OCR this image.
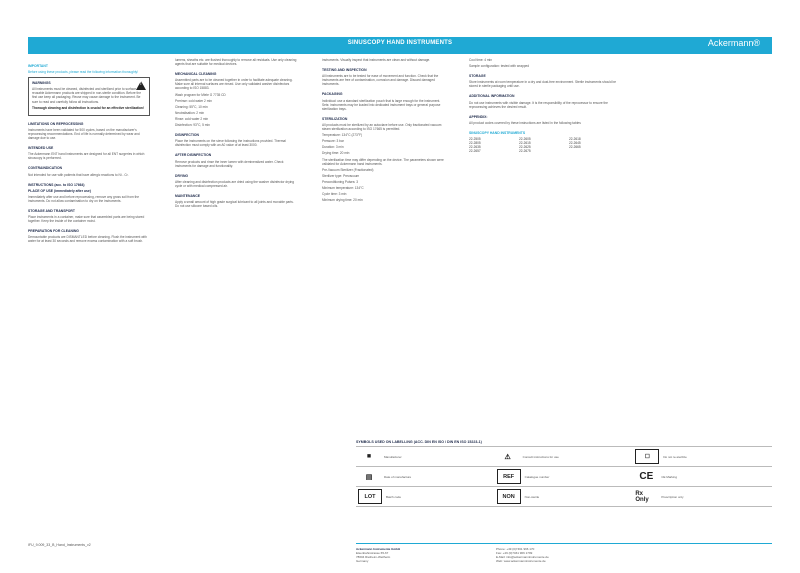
SINUSCOPY HAND INSTRUMENTS	Ackermann®
IMPORTANT

Before using these products, please read the following information thoroughly!

!
WARNINGS

All instruments must be cleaned, disinfected and sterilized prior to surface. All reusable Ackermann products are shipped in non-sterile condition. Before the first use keep all packaging. Reuse may cause damage to the instrument. Be sure to read and carefully follow all instructions.

Thorough cleaning and disinfection is crucial for an effective sterilization!

LIMITATIONS ON REPROCESSING

Instruments have been validated for 500 cycles, based on the manufacturer's reprocessing recommendations. End of life is normally determined by wear and damage due to use.

INTENDED USE

The Ackermann ENT hand instruments are designed for all ENT surgeries in which sinuscopy is performed.

CONTRAINDICATION

Not intended for use with patients that have allergic reactions to Ni - Cr.

INSTRUCTIONS (acc. to ISO 17664)
PLACE OF USE (immediately after use)

Immediately after use and before reprocessing, remove any gross soil from the instruments. Do not allow contamination to dry on the instruments.

STORAGE AND TRANSPORT

Place instruments in a container, make sure that assembled parts are being stored together. Keep the inside of the container moist.

PREPARATION FOR CLEANING

Demountable products are DISMANTLED before cleaning. Flush the instrument with water for at least 30 seconds and remove excess contamination with a soft brush.

lumens, sheaths etc. are flushed thoroughly to remove all residuals. Use only cleaning agents that are suitable for medical devices.

MECHANICAL CLEANING

Assembled parts are to be cleaned together in order to facilitate adequate cleaning. Make sure all internal surfaces are rinsed. Use only validated washer disinfectors according to ISO 15883.

Wash program for Miele G 7735 CD

Prerinse: cold water 2 min

Cleaning: 55°C, 10 min

Neutralisation: 2 min

Rinse: cold water 2 min

Disinfection: 93°C, 5 min

DISINFECTION

Place the instruments on the sieve following the instructions provided. Thermal disinfection must comply with an A0 value of at least 3000.

AFTER DISINFECTION

Remove products and rinse the inner lumen with demineralized water. Check instruments for damage and functionality.

DRYING

After cleaning and disinfection products are dried using the washer disinfector drying cycle or with medical compressed air.

MAINTENANCE

Apply a small amount of high grade surgical lubricant to all joints and movable parts. Do not use silicone based oils.

instruments. Visually inspect that instruments are clean and without damage.

TESTING AND INSPECTION

All instruments are to be tested for ease of movement and function. Check that the instruments are free of contamination, corrosion and damage. Discard damaged instruments.

PACKAGING

Individual: use a standard sterilization pouch that is large enough for the instrument. Sets: instruments may be loaded into dedicated instrument trays or general purpose sterilization trays.

STERILIZATION

All products must be sterilized by an autoclave before use. Only fractionated vacuum steam sterilization according to ISO 17665 is permitted.

Temperature: 134°C (273°F)

Pressure: 3 bar

Duration: 3 min

Drying time: 20 min

The sterilization time may differ depending on the device. The parameters shown were validated for Ackermann hand instruments.

Pre-Vacuum Sterilizer (Fractionated)

Sterilizer type: Prevacuum

Preconditioning Pulses: 3

Minimum temperature: 134°C

Cycle time: 3 min

Minimum drying time: 20 min

Cool time: 4 min

Sample configuration: tested with wrapped

STORAGE

Store instruments at room temperature in a dry and dust-free environment. Sterile instruments should be stored in sterile packaging until use.

ADDITIONAL INFORMATION

Do not use instruments with visible damage. It is the responsibility of the reprocessor to ensure the reprocessing achieves the desired result.

APPENDIX:

All product codes covered by these instructions are listed in the following tables

SINUSCOPY HAND INSTRUMENTS
22-2505	22-2605	22-2618
22-2805	22-2615	22-2645
22-2635	22-2625	22-2665
22-2657	22-2675
SYMBOLS USED ON LABELLING (ACC. DIN EN ISO / DIN EN ISO 15223-1)
■	Manufacturer	⚠	Consult instructions for use	☐	Do not re-sterilize
▤	Date of manufacture	REF	Catalogue number	CE	CE Marking
LOT	Batch code	NON	Non-sterile	Rx Only	Prescription only
Ackermann Instrumente GmbH
Eisenbahnstrasse 65-67
78604 Rietheim-Weilheim
Germany
Phone: +49 (0)7461 966 170
Fax: +49 (0)7461 966 1799
E-Mail: info@ackermanninstrumente.de
Web: www.ackermanninstrumente.de
IFU_9.009_33_B_Hand_Instruments_v2
